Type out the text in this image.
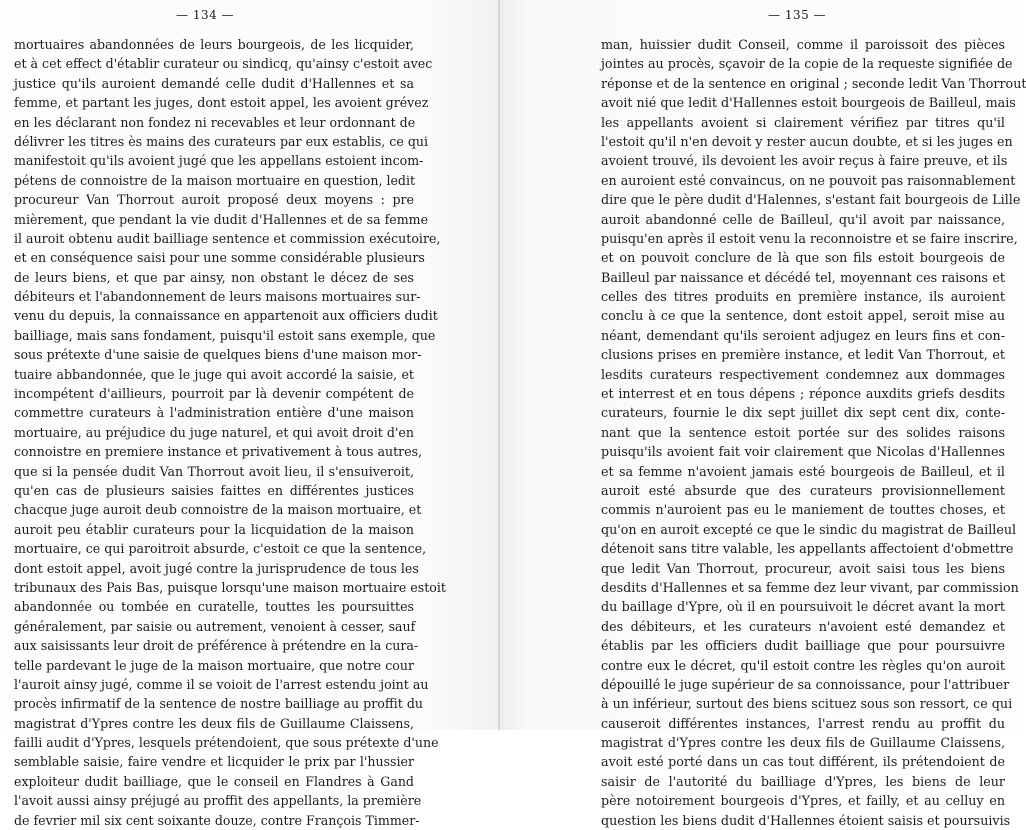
— 134 —
mortuaires abandonnées de leurs bourgeois, de les licquider,
et à cet effect d'établir curateur ou sindicq, qu'ainsy c'estoit avec
justice qu'ils auroient demandé celle dudit d'Hallennes et sa
femme, et partant les juges, dont estoit appel, les avoient grévez
en les déclarant non fondez ni recevables et leur ordonnant de
délivrer les titres ès mains des curateurs par eux establis, ce qui
manifestoit qu'ils avoient jugé que les appellans estoient incom-
pétens de connoistre de la maison mortuaire en question, ledit
procureur Van Thorrout auroit proposé deux moyens : pre
mièrement, que pendant la vie dudit d'Hallennes et de sa femme
il auroit obtenu audit bailliage sentence et commission exécutoire,
et en conséquence saisi pour une somme considérable plusieurs
de leurs biens, et que par ainsy, non obstant le décez de ses
débiteurs et l'abandonnement de leurs maisons mortuaires sur-
venu du depuis, la connaissance en appartenoit aux officiers dudit
bailliage, mais sans fondament, puisqu'il estoit sans exemple, que
sous prétexte d'une saisie de quelques biens d'une maison mor-
tuaire abbandonnée, que le juge qui avoit accordé la saisie, et
incompétent d'aillieurs, pourroit par là devenir compétent de
commettre curateurs à l'administration entière d'une maison
mortuaire, au préjudice du juge naturel, et qui avoit droit d'en
connoistre en premiere instance et privativement à tous autres,
que si la pensée dudit Van Thorrout avoit lieu, il s'ensuiveroit,
qu'en cas de plusieurs saisies faittes en différentes justices
chacque juge auroit deub connoistre de la maison mortuaire, et
auroit peu établir curateurs pour la licquidation de la maison
mortuaire, ce qui paroitroit absurde, c'estoit ce que la sentence,
dont estoit appel, avoit jugé contre la jurisprudence de tous les
tribunaux des Pais Bas, puisque lorsqu'une maison mortuaire estoit
abandonnée ou tombée en curatelle, touttes les poursuittes
généralement, par saisie ou autrement, venoient à cesser, sauf
aux saisissants leur droit de préférence à prétendre en la cura-
telle pardevant le juge de la maison mortuaire, que notre cour
l'auroit ainsy jugé, comme il se voioit de l'arrest estendu joint au
procès infirmatif de la sentence de nostre bailliage au proffit du
magistrat d'Ypres contre les deux fils de Guillaume Claissens,
failli audit d'Ypres, lesquels prétendoient, que sous prétexte d'une
semblable saisie, faire vendre et licquider le prix par l'hussier
exploiteur dudit bailliage, que le conseil en Flandres à Gand
l'avoit aussi ainsy préjugé au proffit des appellants, la première
de fevrier mil six cent soixante douze, contre François Timmer-
— 135 —
man, huissier dudit Conseil, comme il paroissoit des pièces
jointes au procès, sçavoir de la copie de la requeste signifiée de
réponse et de la sentence en original ; seconde ledit Van Thorrout
avoit nié que ledit d'Hallennes estoit bourgeois de Bailleul, mais
les appellants avoient si clairement vérifiez par titres qu'il
l'estoit qu'il n'en devoit y rester aucun doubte, et si les juges en
avoient trouvé, ils devoient les avoir reçus à faire preuve, et ils
en auroient esté convaincus, on ne pouvoit pas raisonnablement
dire que le père dudit d'Halennes, s'estant fait bourgeois de Lille
auroit abandonné celle de Bailleul, qu'il avoit par naissance,
puisqu'en après il estoit venu la reconnoistre et se faire inscrire,
et on pouvoit conclure de là que son fils estoit bourgeois de
Bailleul par naissance et décédé tel, moyennant ces raisons et
celles des titres produits en première instance, ils auroient
conclu à ce que la sentence, dont estoit appel, seroit mise au
néant, demendant qu'ils seroient adjugez en leurs fins et con-
clusions prises en première instance, et ledit Van Thorrout, et
lesdits curateurs respectivement condemnez aux dommages
et interrest et en tous dépens ; réponce auxdits griefs desdits
curateurs, fournie le dix sept juillet dix sept cent dix, conte-
nant que la sentence estoit portée sur des solides raisons
puisqu'ils avoient fait voir clairement que Nicolas d'Hallennes
et sa femme n'avoient jamais esté bourgeois de Bailleul, et il
auroit esté absurde que des curateurs provisionnellement
commis n'auroient pas eu le maniement de touttes choses, et
qu'on en auroit excepté ce que le sindic du magistrat de Bailleul
détenoit sans titre valable, les appellants affectoient d'obmettre
que ledit Van Thorrout, procureur, avoit saisi tous les biens
desdits d'Hallennes et sa femme dez leur vivant, par commission
du baillage d'Ypre, où il en poursuivoit le décret avant la mort
des débiteurs, et les curateurs n'avoient esté demandez et
établis par les officiers dudit bailliage que pour poursuivre
contre eux le décret, qu'il estoit contre les règles qu'on auroit
dépouillé le juge supérieur de sa connoissance, pour l'attribuer
à un inférieur, surtout des biens scituez sous son ressort, ce qui
causeroit différentes instances, l'arrest rendu au proffit du
magistrat d'Ypres contre les deux fils de Guillaume Claissens,
avoit esté porté dans un cas tout différent, ils prétendoient de
saisir de l'autorité du bailliage d'Ypres, les biens de leur
père notoirement bourgeois d'Ypres, et failly, et au celluy en
question les biens dudit d'Hallennes étoient saisis et poursuivis
